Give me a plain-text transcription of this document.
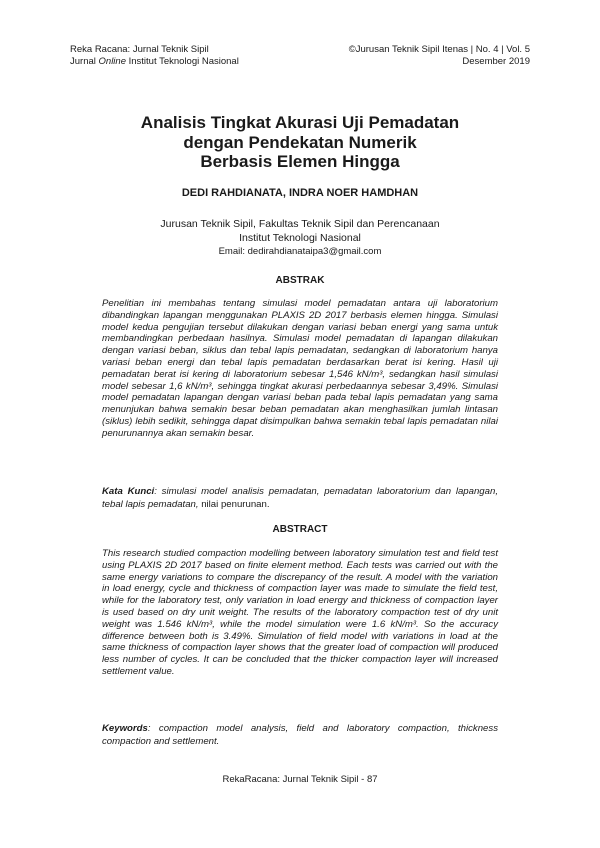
Reka Racana: Jurnal Teknik Sipil
Jurnal Online Institut Teknologi Nasional
©Jurusan Teknik Sipil Itenas | No. 4 | Vol. 5
Desember 2019
Analisis Tingkat Akurasi Uji Pemadatan
dengan Pendekatan Numerik
Berbasis Elemen Hingga
DEDI RAHDIANATA, INDRA NOER HAMDHAN
Jurusan Teknik Sipil, Fakultas Teknik Sipil dan Perencanaan
Institut Teknologi Nasional
Email: dedirahdianataipa3@gmail.com
ABSTRAK
Penelitian ini membahas tentang simulasi model pemadatan antara uji laboratorium dibandingkan lapangan menggunakan PLAXIS 2D 2017 berbasis elemen hingga. Simulasi model kedua pengujian tersebut dilakukan dengan variasi beban energi yang sama untuk membandingkan perbedaan hasilnya. Simulasi model pemadatan di lapangan dilakukan dengan variasi beban, siklus dan tebal lapis pemadatan, sedangkan di laboratorium hanya variasi beban energi dan tebal lapis pemadatan berdasarkan berat isi kering. Hasil uji pemadatan berat isi kering di laboratorium sebesar 1,546 kN/m³, sedangkan hasil simulasi model sebesar 1,6 kN/m³, sehingga tingkat akurasi perbedaannya sebesar 3,49%. Simulasi model pemadatan lapangan dengan variasi beban pada tebal lapis pemadatan yang sama menunjukan bahwa semakin besar beban pemadatan akan menghasilkan jumlah lintasan (siklus) lebih sedikit, sehingga dapat disimpulkan bahwa semakin tebal lapis pemadatan nilai penurunannya akan semakin besar.
Kata Kunci: simulasi model analisis pemadatan, pemadatan laboratorium dan lapangan, tebal lapis pemadatan, nilai penurunan.
ABSTRACT
This research studied compaction modelling between laboratory simulation test and field test using PLAXIS 2D 2017 based on finite element method. Each tests was carried out with the same energy variations to compare the discrepancy of the result. A model with the variation in load energy, cycle and thickness of compaction layer was made to simulate the field test, while for the laboratory test, only variation in load energy and thickness of compaction layer is used based on dry unit weight. The results of the laboratory compaction test of dry unit weight was 1.546 kN/m³, while the model simulation were 1.6 kN/m³. So the accuracy difference between both is 3.49%. Simulation of field model with variations in load at the same thickness of compaction layer shows that the greater load of compaction will produced less number of cycles. It can be concluded that the thicker compaction layer will increased settlement value.
Keywords: compaction model analysis, field and laboratory compaction, thickness compaction and settlement.
RekaRacana: Jurnal Teknik Sipil - 87
